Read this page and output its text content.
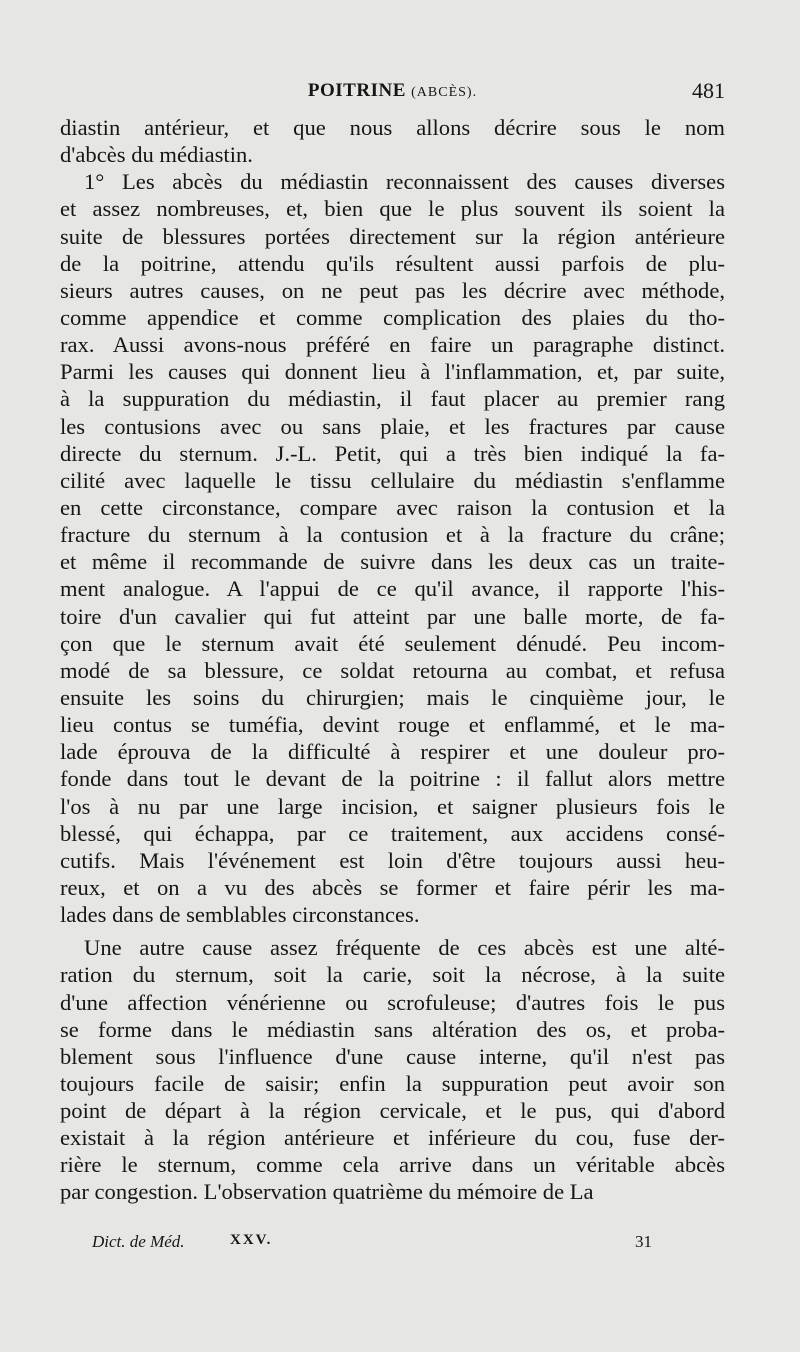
POITRINE (ABCÈS).	481
diastin antérieur, et que nous allons décrire sous le nom
d'abcès du médiastin.
1° Les abcès du médiastin reconnaissent des causes diverses
et assez nombreuses, et, bien que le plus souvent ils soient la
suite de blessures portées directement sur la région antérieure
de la poitrine, attendu qu'ils résultent aussi parfois de plu-
sieurs autres causes, on ne peut pas les décrire avec méthode,
comme appendice et comme complication des plaies du tho-
rax. Aussi avons-nous préféré en faire un paragraphe distinct.
Parmi les causes qui donnent lieu à l'inflammation, et, par suite,
à la suppuration du médiastin, il faut placer au premier rang
les contusions avec ou sans plaie, et les fractures par cause
directe du sternum. J.-L. Petit, qui a très bien indiqué la fa-
cilité avec laquelle le tissu cellulaire du médiastin s'enflamme
en cette circonstance, compare avec raison la contusion et la
fracture du sternum à la contusion et à la fracture du crâne;
et même il recommande de suivre dans les deux cas un traite-
ment analogue. A l'appui de ce qu'il avance, il rapporte l'his-
toire d'un cavalier qui fut atteint par une balle morte, de fa-
çon que le sternum avait été seulement dénudé. Peu incom-
modé de sa blessure, ce soldat retourna au combat, et refusa
ensuite les soins du chirurgien; mais le cinquième jour, le
lieu contus se tuméfia, devint rouge et enflammé, et le ma-
lade éprouva de la difficulté à respirer et une douleur pro-
fonde dans tout le devant de la poitrine : il fallut alors mettre
l'os à nu par une large incision, et saigner plusieurs fois le
blessé, qui échappa, par ce traitement, aux accidens consé-
cutifs. Mais l'événement est loin d'être toujours aussi heu-
reux, et on a vu des abcès se former et faire périr les ma-
lades dans de semblables circonstances.
Une autre cause assez fréquente de ces abcès est une alté-
ration du sternum, soit la carie, soit la nécrose, à la suite
d'une affection vénérienne ou scrofuleuse; d'autres fois le pus
se forme dans le médiastin sans altération des os, et proba-
blement sous l'influence d'une cause interne, qu'il n'est pas
toujours facile de saisir; enfin la suppuration peut avoir son
point de départ à la région cervicale, et le pus, qui d'abord
existait à la région antérieure et inférieure du cou, fuse der-
rière le sternum, comme cela arrive dans un véritable abcès
par congestion. L'observation quatrième du mémoire de La
Dict. de Méd.	XXV.	31
